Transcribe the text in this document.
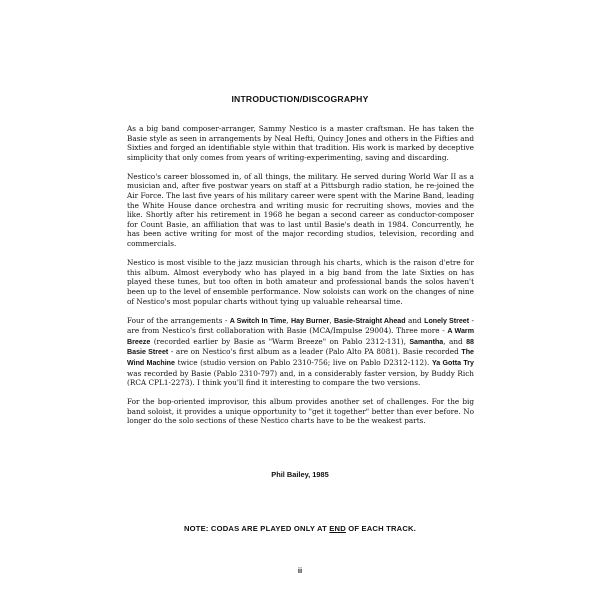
INTRODUCTION/DISCOGRAPHY

As a big band composer-arranger, Sammy Nestico is a master craftsman. He has taken the Basie style as seen in arrangements by Neal Hefti, Quincy Jones and others in the Fifties and Sixties and forged an identifiable style within that tradition. His work is marked by deceptive simplicity that only comes from years of writing-experimenting, saving and discarding.

Nestico's career blossomed in, of all things, the military. He served during World War II as a musician and, after five postwar years on staff at a Pittsburgh radio station, he re-joined the Air Force. The last five years of his military career were spent with the Marine Band, leading the White House dance orchestra and writing music for recruiting shows, movies and the like. Shortly after his retirement in 1968 he began a second career as conductor-composer for Count Basie, an affiliation that was to last until Basie's death in 1984. Concurrently, he has been active writing for most of the major recording studios, television, recording and commercials.

Nestico is most visible to the jazz musician through his charts, which is the raison d'etre for this album. Almost everybody who has played in a big band from the late Sixties on has played these tunes, but too often in both amateur and professional bands the solos haven't been up to the level of ensemble performance. Now soloists can work on the changes of nine of Nestico's most popular charts without tying up valuable rehearsal time.

Four of the arrangements - A Switch In Time, Hay Burner, Basie-Straight Ahead and Lonely Street - are from Nestico's first collaboration with Basie (MCA/Impulse 29004). Three more - A Warm Breeze (recorded earlier by Basie as "Warm Breeze" on Pablo 2312-131), Samantha, and 88 Basie Street - are on Nestico's first album as a leader (Palo Alto PA 8081). Basie recorded The Wind Machine twice (studio version on Pablo 2310-756; live on Pablo D2312-112). Ya Gotta Try was recorded by Basie (Pablo 2310-797) and, in a considerably faster version, by Buddy Rich (RCA CPL1-2273). I think you'll find it interesting to compare the two versions.

For the bop-oriented improvisor, this album provides another set of challenges. For the big band soloist, it provides a unique opportunity to "get it together" better than ever before. No longer do the solo sections of these Nestico charts have to be the weakest parts.

Phil Bailey, 1985
NOTE: CODAS ARE PLAYED ONLY AT END OF EACH TRACK.
ii
